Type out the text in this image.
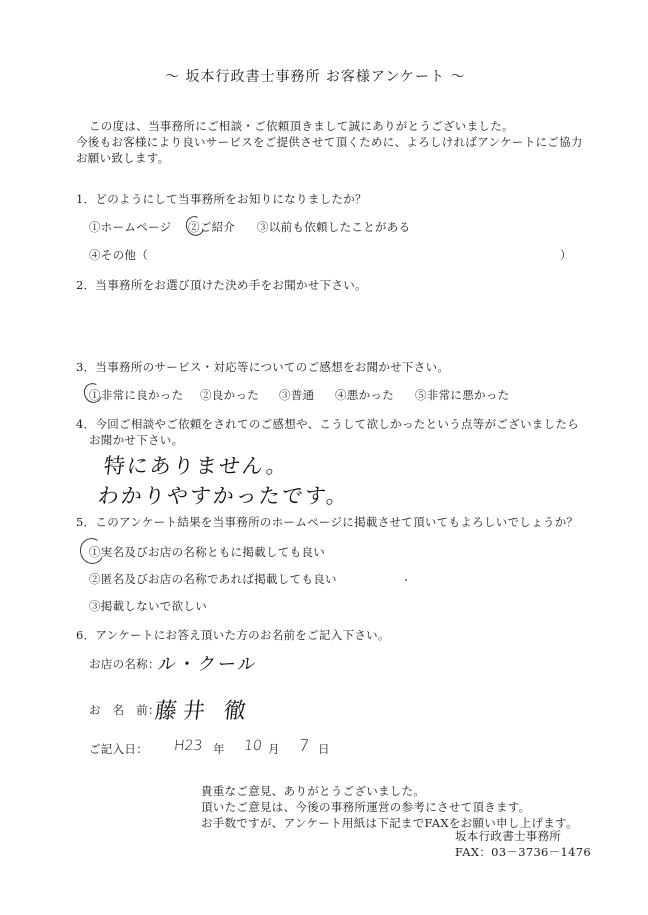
〜 坂本行政書士事務所 お客様アンケート 〜
この度は、当事務所にご相談・ご依頼頂きまして誠にありがとうございました。
今後もお客様により良いサービスをご提供させて頂くために、よろしければアンケートにご協力
お願い致します。
1．どのようにして当事務所をお知りになりましたか？
①ホームページ ②ご紹介 ③以前も依頼したことがある
④その他（	）
2．当事務所をお選び頂けた決め手をお聞かせ下さい。
3．当事務所のサービス・対応等についてのご感想をお聞かせ下さい。
①非常に良かった ②良かった ③普通 ④悪かった ⑤非常に悪かった
4．今回ご相談やご依頼をされてのご感想や、こうして欲しかったという点等がございましたら
お聞かせ下さい。
特にありません。
わかりやすかったです。
5．このアンケート結果を当事務所のホームページに掲載させて頂いてもよろしいでしょうか？
①実名及びお店の名称ともに掲載しても良い
②匿名及びお店の名称であれば掲載しても良い
③掲載しないで欲しい
6．アンケートにお答え頂いた方のお名前をご記入下さい。
お店の名称：
ル・クール
お　名　前：
藤井 徹
ご記入日： H23 年 10 月 7 日
貴重なご意見、ありがとうございました。
頂いたご意見は、今後の事務所運営の参考にさせて頂きます。
お手数ですが、アンケート用紙は下記までFAXをお願い申し上げます。
坂本行政書士事務所
FAX：03－3736－1476
